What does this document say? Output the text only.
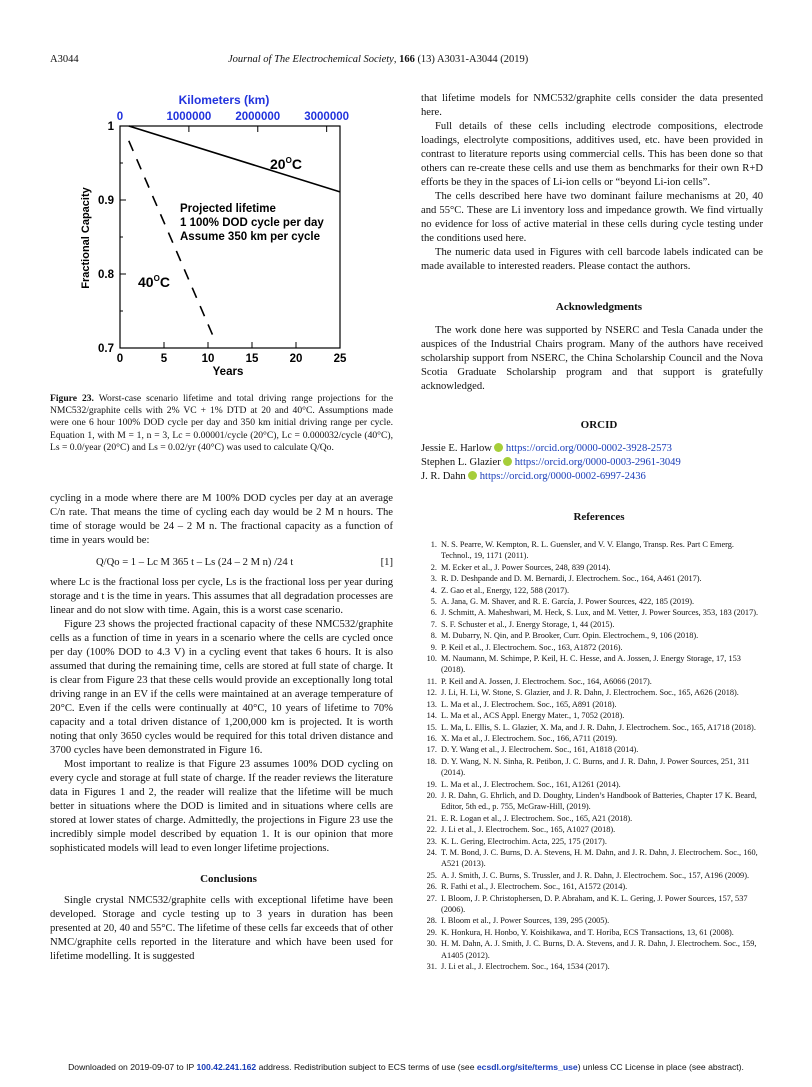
A3044	Journal of The Electrochemical Society, 166 (13) A3031-A3044 (2019)
Kilometers (km)
0	1000000 2000000 3000000
0	5	10	15	20	25
1
0.9
0.8
0.7
Fractional Capacity
Years
$20^OC$
$40^OC$
Projected lifetime
1 100% DOD cycle per day
Assume 350 km per cycle
Figure 23. Worst-case scenario lifetime and total driving range projections for the NMC532/graphite cells with 2% VC + 1% DTD at 20 and 40°C. Assumptions made were one 6 hour 100% DOD cycle per day and 350 km initial driving range per cycle. Equation 1, with M = 1, n = 3, Lc = 0.00001/cycle (20°C), Lc = 0.000032/cycle (40°C), Ls = 0.0/year (20°C) and Ls = 0.02/yr (40°C) was used to calculate Q/Qo.

cycling in a mode where there are M 100% DOD cycles per day at an average C/n rate. That means the time of cycling each day would be 2 M n hours. The time of storage would be 24 – 2 M n. The fractional capacity as a function of time in years would be:

Q/Qo = 1 – Lc M 365 t – Ls (24 – 2 M n) /24 t	[1]

where Lc is the fractional loss per cycle, Ls is the fractional loss per year during storage and t is the time in years. This assumes that all degradation processes are linear and do not slow with time. Again, this is a worst case scenario.

Figure 23 shows the projected fractional capacity of these NMC532/graphite cells as a function of time in years in a scenario where the cells are cycled once per day (100% DOD to 4.3 V) in a cycling event that takes 6 hours. It is also assumed that during the remaining time, cells are stored at full state of charge. It is clear from Figure 23 that these cells would provide an exceptionally long total driving range in an EV if the cells were maintained at an average temperature of 20°C. Even if the cells were continually at 40°C, 10 years of lifetime to 70% capacity and a total driven distance of 1,200,000 km is projected. It is worth noting that only 3650 cycles would be required for this total driven distance and 3700 cycles have been demonstrated in Figure 16.

Most important to realize is that Figure 23 assumes 100% DOD cycling on every cycle and storage at full state of charge. If the reader reviews the literature data in Figures 1 and 2, the reader will realize that the lifetime will be much better in situations where the DOD is limited and in situations where cells are stored at lower states of charge. Admittedly, the projections in Figure 23 use the incredibly simple model described by equation 1. It is our opinion that more sophisticated models will lead to even longer lifetime projections.

Conclusions

Single crystal NMC532/graphite cells with exceptional lifetime have been developed. Storage and cycle testing up to 3 years in duration has been presented at 20, 40 and 55°C. The lifetime of these cells far exceeds that of other NMC/graphite cells reported in the literature and which have been used for lifetime modelling. It is suggested

that lifetime models for NMC532/graphite cells consider the data presented here.

Full details of these cells including electrode compositions, electrode loadings, electrolyte compositions, additives used, etc. have been provided in contrast to literature reports using commercial cells. This has been done so that others can re-create these cells and use them as benchmarks for their own R+D efforts be they in the spaces of Li-ion cells or “beyond Li-ion cells”.

The cells described here have two dominant failure mechanisms at 20, 40 and 55°C. These are Li inventory loss and impedance growth. We find virtually no evidence for loss of active material in these cells during cycle testing under the conditions used here.

The numeric data used in Figures with cell barcode labels indicated can be made available to interested readers. Please contact the authors.

Acknowledgments

The work done here was supported by NSERC and Tesla Canada under the auspices of the Industrial Chairs program. Many of the authors have received scholarship support from NSERC, the China Scholarship Council and the Nova Scotia Graduate Scholarship program and that support is gratefully acknowledged.

ORCID

Jessie E. Harlow https://orcid.org/0000-0002-3928-2573
Stephen L. Glazier https://orcid.org/0000-0003-2961-3049
J. R. Dahn https://orcid.org/0000-0002-6997-2436

References

1. N. S. Pearre, W. Kempton, R. L. Guensler, and V. V. Elango, Transp. Res. Part C Emerg. Technol., 19, 1171 (2011).
2. M. Ecker et al., J. Power Sources, 248, 839 (2014).
3. R. D. Deshpande and D. M. Bernardi, J. Electrochem. Soc., 164, A461 (2017).
4. Z. Gao et al., Energy, 122, 588 (2017).
5. A. Jana, G. M. Shaver, and R. E. García, J. Power Sources, 422, 185 (2019).
6. J. Schmitt, A. Maheshwari, M. Heck, S. Lux, and M. Vetter, J. Power Sources, 353, 183 (2017).
7. S. F. Schuster et al., J. Energy Storage, 1, 44 (2015).
8. M. Dubarry, N. Qin, and P. Brooker, Curr. Opin. Electrochem., 9, 106 (2018).
9. P. Keil et al., J. Electrochem. Soc., 163, A1872 (2016).
10. M. Naumann, M. Schimpe, P. Keil, H. C. Hesse, and A. Jossen, J. Energy Storage, 17, 153 (2018).
11. P. Keil and A. Jossen, J. Electrochem. Soc., 164, A6066 (2017).
12. J. Li, H. Li, W. Stone, S. Glazier, and J. R. Dahn, J. Electrochem. Soc., 165, A626 (2018).
13. L. Ma et al., J. Electrochem. Soc., 165, A891 (2018).
14. L. Ma et al., ACS Appl. Energy Mater., 1, 7052 (2018).
15. L. Ma, L. Ellis, S. L. Glazier, X. Ma, and J. R. Dahn, J. Electrochem. Soc., 165, A1718 (2018).
16. X. Ma et al., J. Electrochem. Soc., 166, A711 (2019).
17. D. Y. Wang et al., J. Electrochem. Soc., 161, A1818 (2014).
18. D. Y. Wang, N. N. Sinha, R. Petibon, J. C. Burns, and J. R. Dahn, J. Power Sources, 251, 311 (2014).
19. L. Ma et al., J. Electrochem. Soc., 161, A1261 (2014).
20. J. R. Dahn, G. Ehrlich, and D. Doughty, Linden’s Handbook of Batteries, Chapter 17 K. Beard, Editor, 5th ed., p. 755, McGraw-Hill, (2019).
21. E. R. Logan et al., J. Electrochem. Soc., 165, A21 (2018).
22. J. Li et al., J. Electrochem. Soc., 165, A1027 (2018).
23. K. L. Gering, Electrochim. Acta, 225, 175 (2017).
24. T. M. Bond, J. C. Burns, D. A. Stevens, H. M. Dahn, and J. R. Dahn, J. Electrochem. Soc., 160, A521 (2013).
25. A. J. Smith, J. C. Burns, S. Trussler, and J. R. Dahn, J. Electrochem. Soc., 157, A196 (2009).
26. R. Fathi et al., J. Electrochem. Soc., 161, A1572 (2014).
27. I. Bloom, J. P. Christophersen, D. P. Abraham, and K. L. Gering, J. Power Sources, 157, 537 (2006).
28. I. Bloom et al., J. Power Sources, 139, 295 (2005).
29. K. Honkura, H. Honbo, Y. Koishikawa, and T. Horiba, ECS Transactions, 13, 61 (2008).
30. H. M. Dahn, A. J. Smith, J. C. Burns, D. A. Stevens, and J. R. Dahn, J. Electrochem. Soc., 159, A1405 (2012).
31. J. Li et al., J. Electrochem. Soc., 164, 1534 (2017).
Downloaded on 2019-09-07 to IP 100.42.241.162 address. Redistribution subject to ECS terms of use (see ecsdl.org/site/terms_use) unless CC License in place (see abstract).
